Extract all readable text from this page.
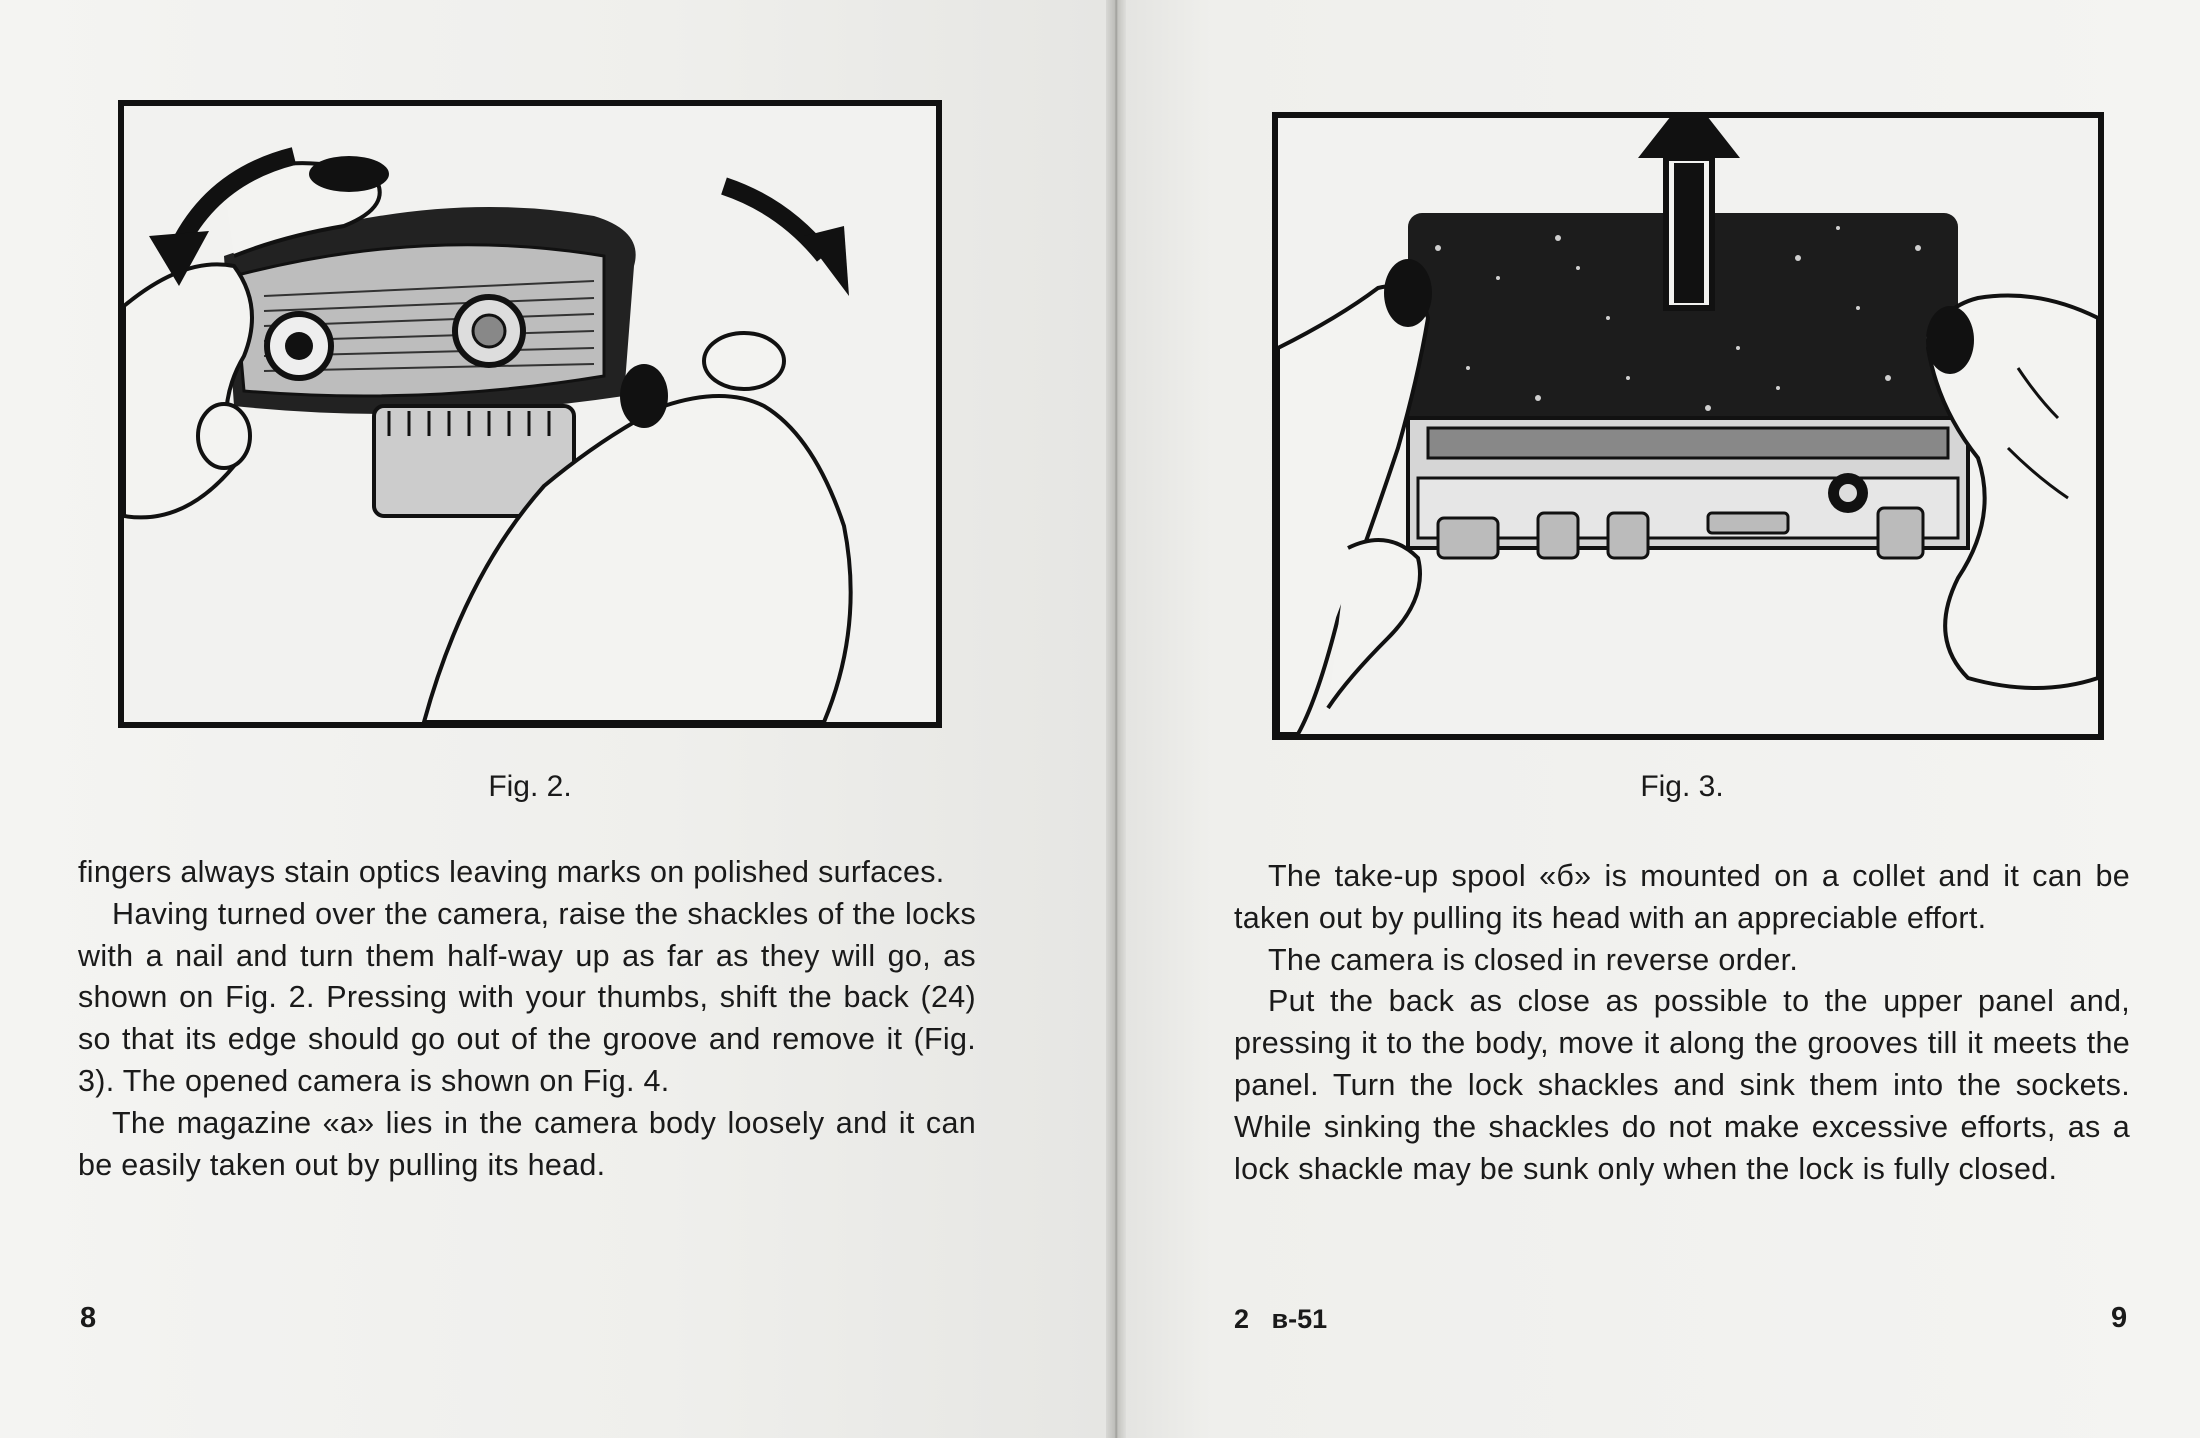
Fig. 2.

fingers always stain optics leaving marks on polished surfaces.

Having turned over the camera, raise the shackles of the locks with a nail and turn them half-way up as far as they will go, as shown on Fig. 2. Pressing with your thumbs, shift the back (24) so that its edge should go out of the groove and remove it (Fig. 3). The opened camera is shown on Fig. 4.

The magazine «a» lies in the camera body loosely and it can be easily taken out by pulling its head.

8
Fig. 3.

The take-up spool «б» is mounted on a collet and it can be taken out by pulling its head with an appreciable effort.

The camera is closed in reverse order.

Put the back as close as possible to the upper panel and, pressing it to the body, move it along the grooves till it meets the panel. Turn the lock shackles and sink them into the sockets. While sinking the shackles do not make excessive efforts, as a lock shackle may be sunk only when the lock is fully closed.

2   в-51	9
